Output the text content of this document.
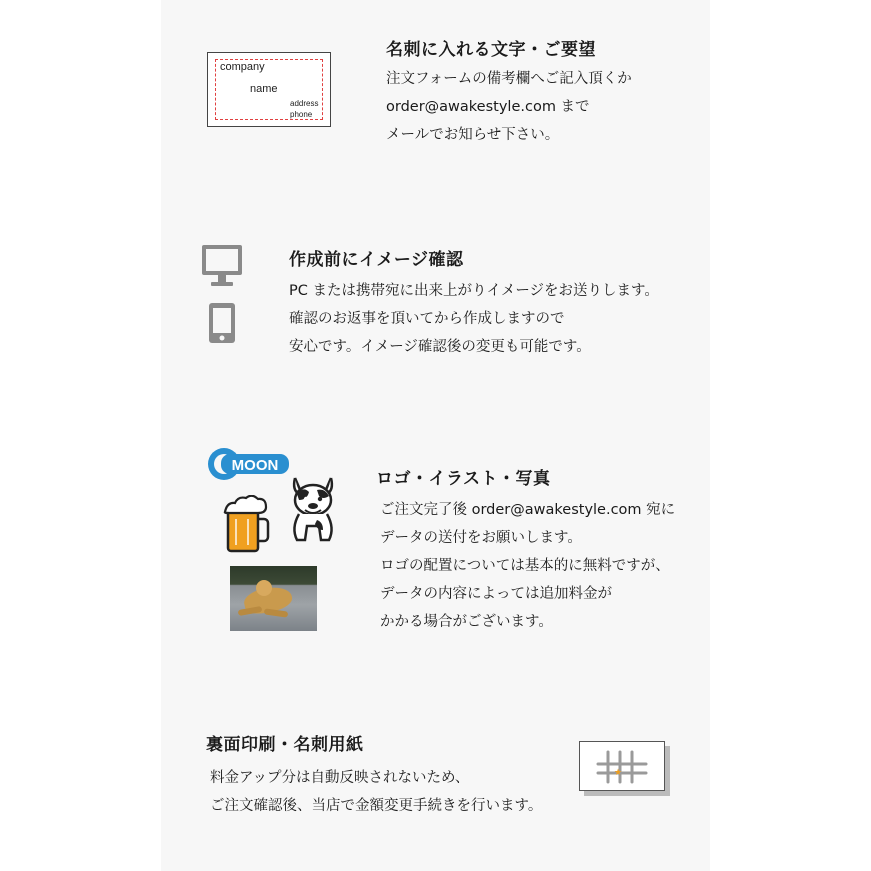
company
name
address
phone
名刺に入れる文字・ご要望
注文フォームの備考欄へご記入頂くか
order@awakestyle.com まで
メールでお知らせ下さい。
作成前にイメージ確認
PC または携帯宛に出来上がりイメージをお送りします。
確認のお返事を頂いてから作成しますので
安心です。イメージ確認後の変更も可能です。
MOON
ロゴ・イラスト・写真
ご注文完了後 order@awakestyle.com 宛に
データの送付をお願いします。
ロゴの配置については基本的に無料ですが、
データの内容によっては追加料金が
かかる場合がございます。
裏面印刷・名刺用紙
料金アップ分は自動反映されないため、
ご注文確認後、当店で金額変更手続きを行います。
★
